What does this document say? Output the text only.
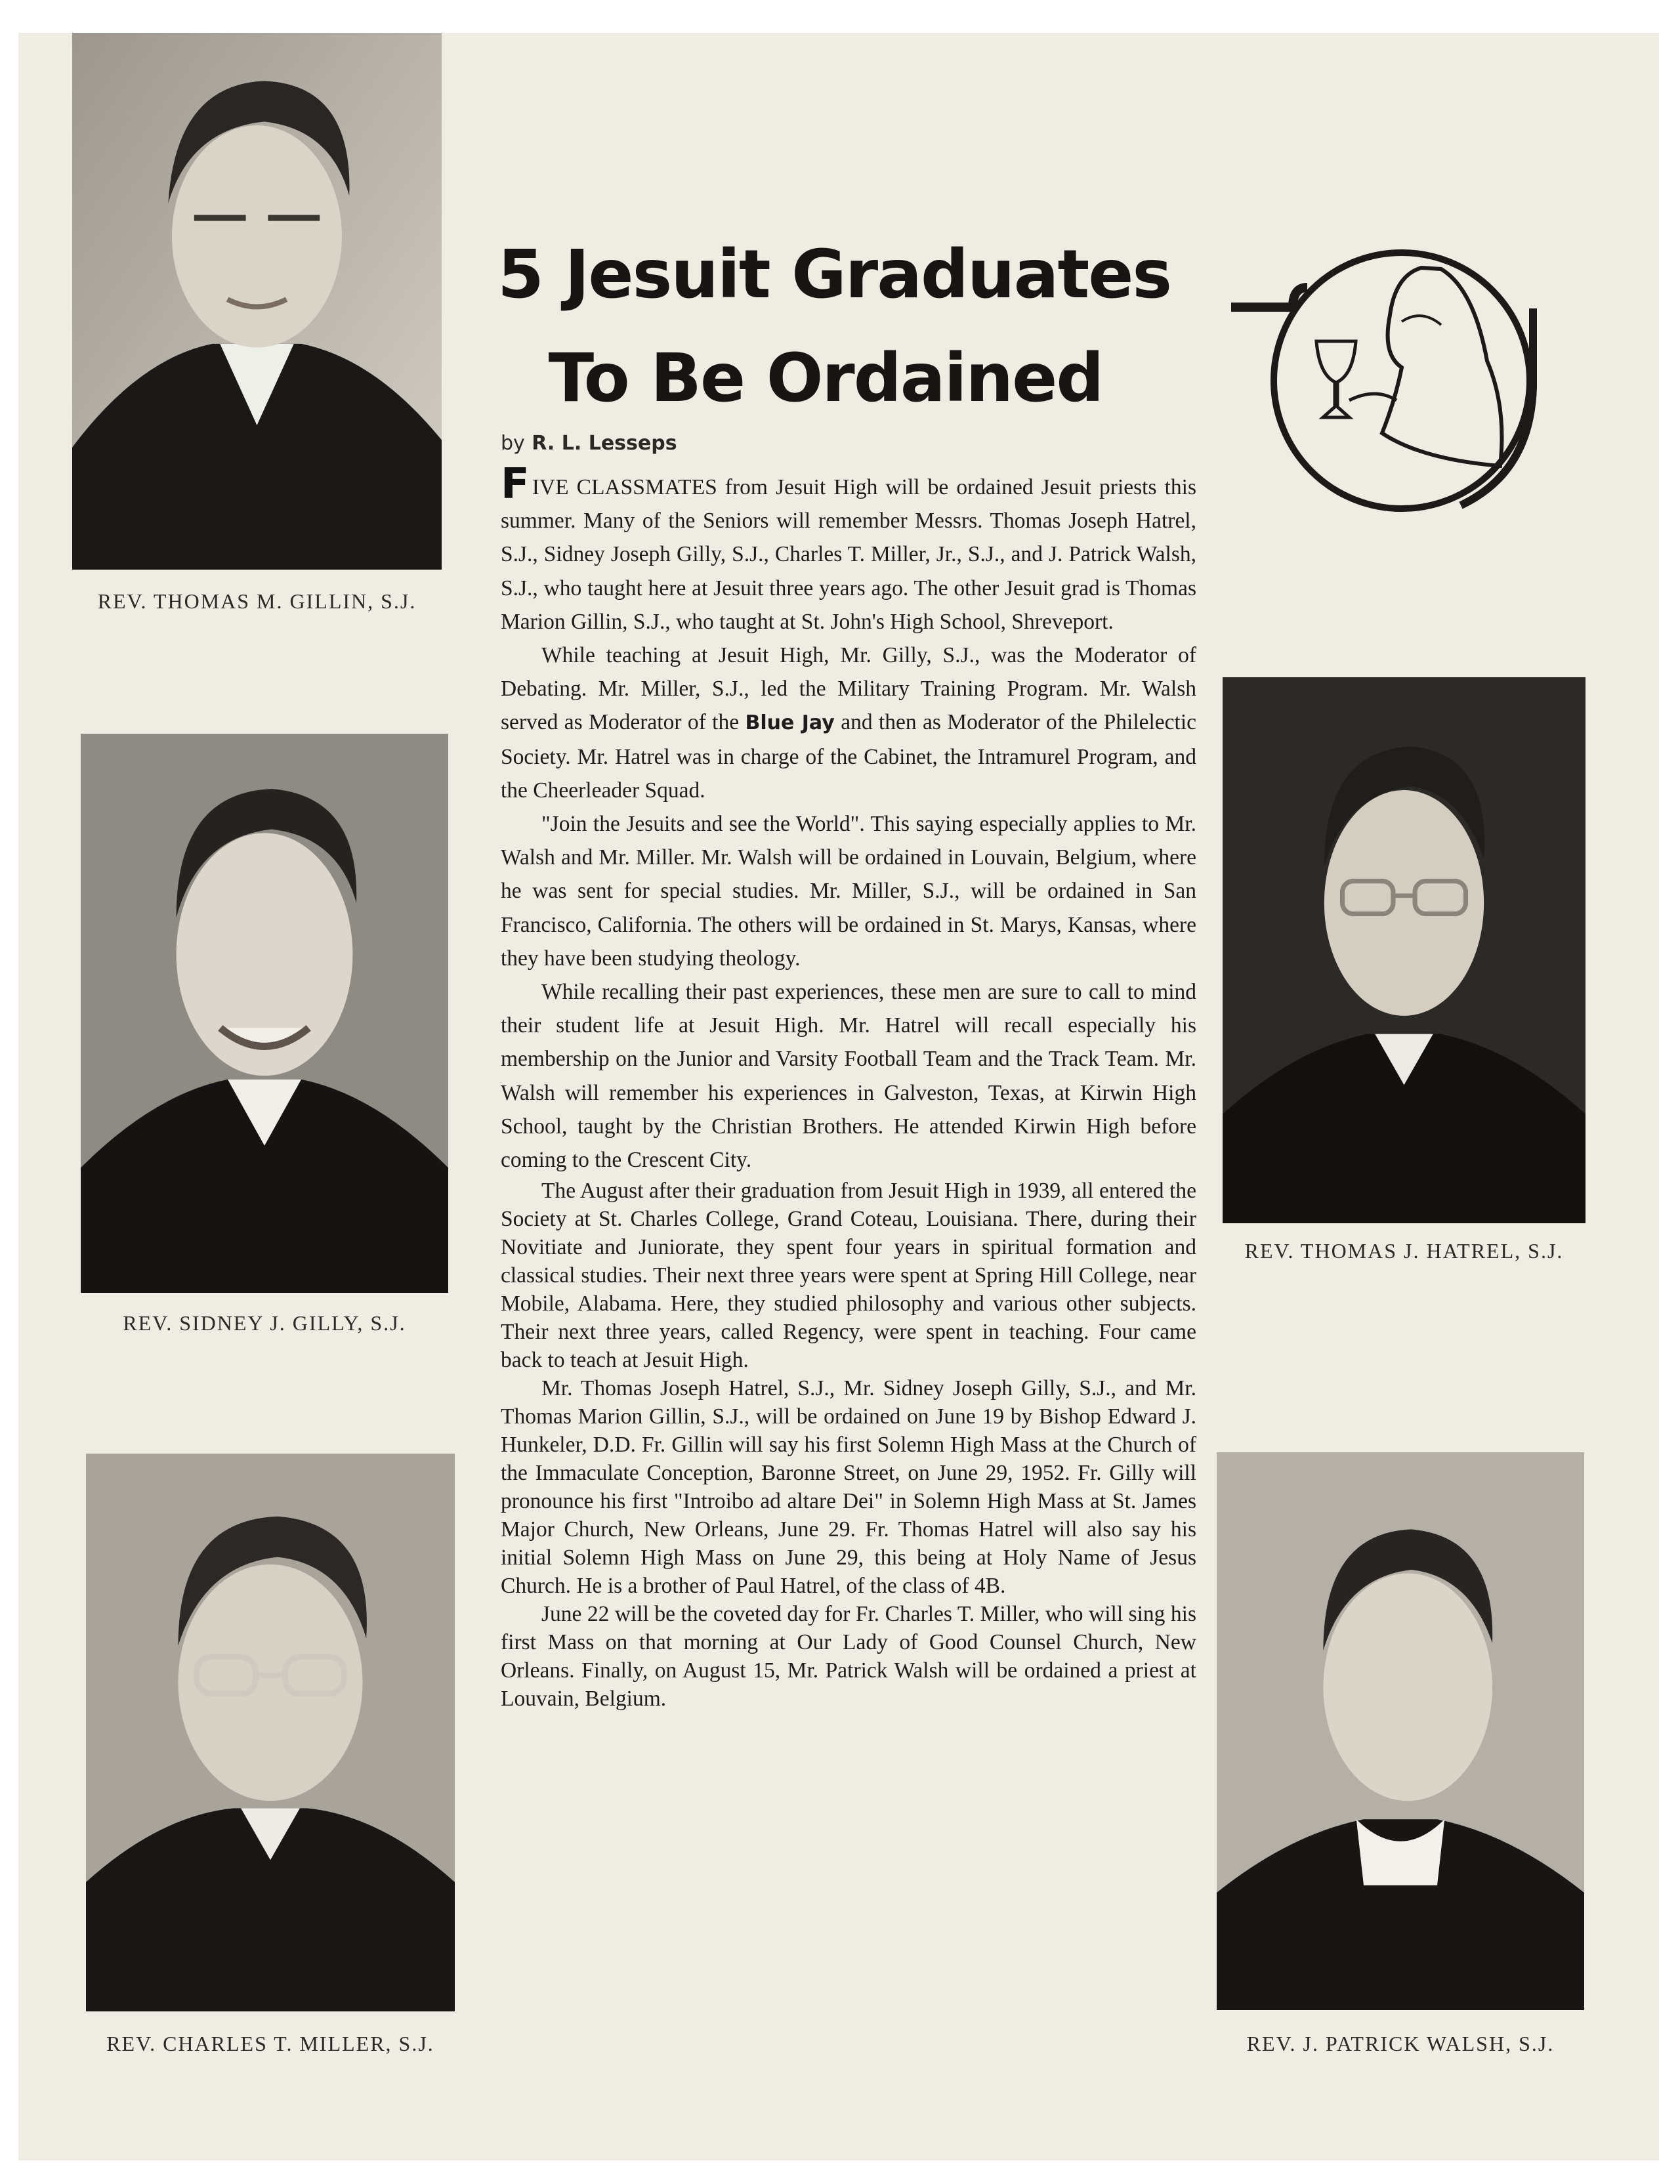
REV. THOMAS M. GILLIN, S.J.
REV. SIDNEY J. GILLY, S.J.
REV. CHARLES T. MILLER, S.J.
REV. THOMAS J. HATREL, S.J.
REV. J. PATRICK WALSH, S.J.
5 Jesuit Graduates
To Be Ordained
by R. L. Lesseps

FIVE CLASSMATES from Jesuit High will be ordained Jesuit priests this summer. Many of the Seniors will remember Messrs. Thomas Joseph Hatrel, S.J., Sidney Joseph Gilly, S.J., Charles T. Miller, Jr., S.J., and J. Patrick Walsh, S.J., who taught here at Jesuit three years ago. The other Jesuit grad is Thomas Marion Gillin, S.J., who taught at St. John's High School, Shreveport.

While teaching at Jesuit High, Mr. Gilly, S.J., was the Moderator of Debating. Mr. Miller, S.J., led the Military Training Program. Mr. Walsh served as Moderator of the Blue Jay and then as Moderator of the Philelectic Society. Mr. Hatrel was in charge of the Cabinet, the Intramurel Program, and the Cheerleader Squad.

"Join the Jesuits and see the World". This saying especially applies to Mr. Walsh and Mr. Miller. Mr. Walsh will be ordained in Louvain, Belgium, where he was sent for special studies. Mr. Miller, S.J., will be ordained in San Francisco, California. The others will be ordained in St. Marys, Kansas, where they have been studying theology.

While recalling their past experiences, these men are sure to call to mind their student life at Jesuit High. Mr. Hatrel will recall especially his membership on the Junior and Varsity Football Team and the Track Team. Mr. Walsh will remember his experiences in Galveston, Texas, at Kirwin High School, taught by the Christian Brothers. He attended Kirwin High before coming to the Crescent City.

The August after their graduation from Jesuit High in 1939, all entered the Society at St. Charles College, Grand Coteau, Louisiana. There, during their Novitiate and Juniorate, they spent four years in spiritual formation and classical studies. Their next three years were spent at Spring Hill College, near Mobile, Alabama. Here, they studied philosophy and various other subjects. Their next three years, called Regency, were spent in teaching. Four came back to teach at Jesuit High.

Mr. Thomas Joseph Hatrel, S.J., Mr. Sidney Joseph Gilly, S.J., and Mr. Thomas Marion Gillin, S.J., will be ordained on June 19 by Bishop Edward J. Hunkeler, D.D. Fr. Gillin will say his first Solemn High Mass at the Church of the Immaculate Conception, Baronne Street, on June 29, 1952. Fr. Gilly will pronounce his first "Introibo ad altare Dei" in Solemn High Mass at St. James Major Church, New Orleans, June 29. Fr. Thomas Hatrel will also say his initial Solemn High Mass on June 29, this being at Holy Name of Jesus Church. He is a brother of Paul Hatrel, of the class of 4B.

June 22 will be the coveted day for Fr. Charles T. Miller, who will sing his first Mass on that morning at Our Lady of Good Counsel Church, New Orleans. Finally, on August 15, Mr. Patrick Walsh will be ordained a priest at Louvain, Belgium.
